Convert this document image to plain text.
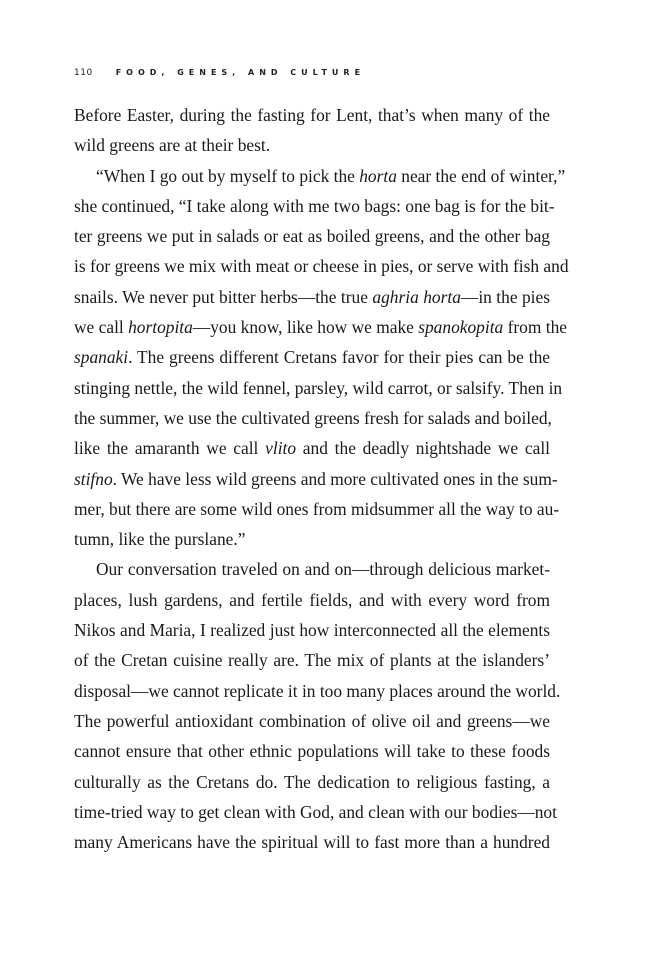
110	FOOD, GENES, AND CULTURE
Before Easter, during the fasting for Lent, that’s when many of the
wild greens are at their best.
“When I go out by myself to pick the horta near the end of winter,”
she continued, “I take along with me two bags: one bag is for the bit-
ter greens we put in salads or eat as boiled greens, and the other bag
is for greens we mix with meat or cheese in pies, or serve with fish and
snails. We never put bitter herbs—the true aghria horta—in the pies
we call hortopita—you know, like how we make spanokopita from the
spanaki. The greens different Cretans favor for their pies can be the
stinging nettle, the wild fennel, parsley, wild carrot, or salsify. Then in
the summer, we use the cultivated greens fresh for salads and boiled,
like the amaranth we call vlito and the deadly nightshade we call
stifno. We have less wild greens and more cultivated ones in the sum-
mer, but there are some wild ones from midsummer all the way to au-
tumn, like the purslane.”
Our conversation traveled on and on—through delicious market-
places, lush gardens, and fertile fields, and with every word from
Nikos and Maria, I realized just how interconnected all the elements
of the Cretan cuisine really are. The mix of plants at the islanders’
disposal—we cannot replicate it in too many places around the world.
The powerful antioxidant combination of olive oil and greens—we
cannot ensure that other ethnic populations will take to these foods
culturally as the Cretans do. The dedication to religious fasting, a
time-tried way to get clean with God, and clean with our bodies—not
many Americans have the spiritual will to fast more than a hundred
